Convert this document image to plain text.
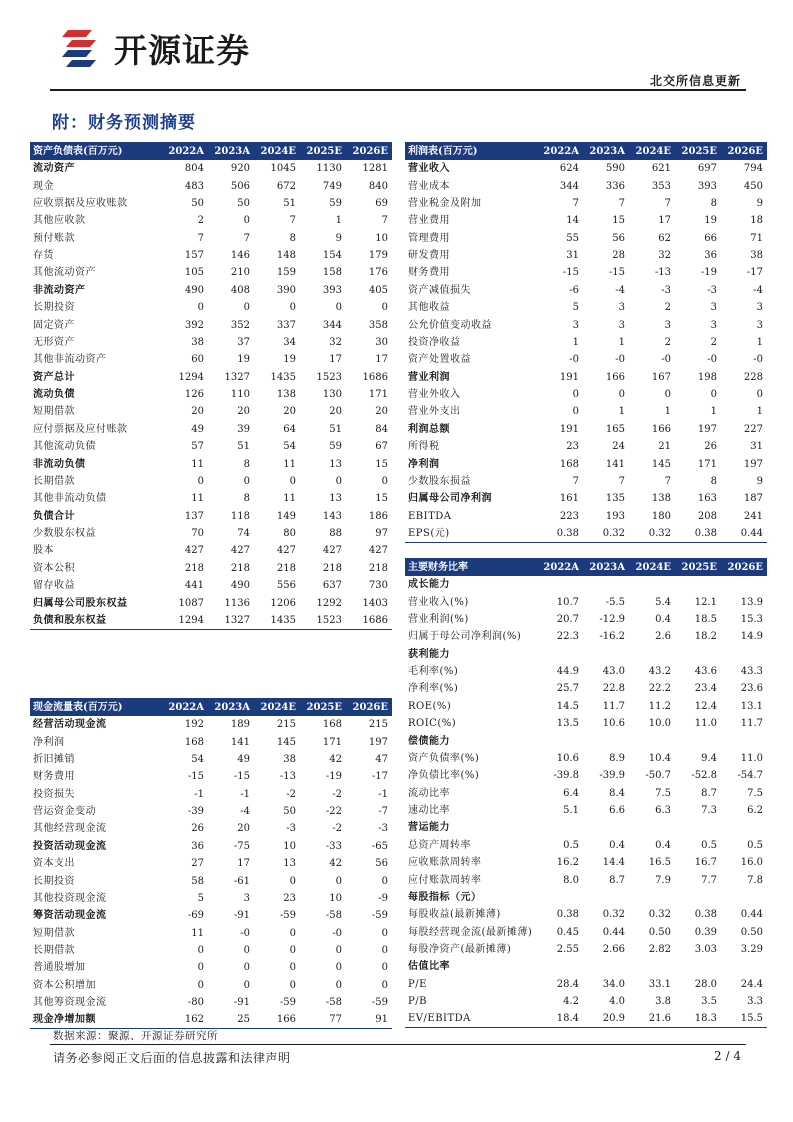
开源证券
北交所信息更新
附：财务预测摘要
资产负债表(百万元)	2022A	2023A	2024E	2025E	2026E
流动资产	804	920	1045	1130	1281
现金	483	506	672	749	840
应收票据及应收账款	50	50	51	59	69
其他应收款	2	0	7	1	7
预付账款	7	7	8	9	10
存货	157	146	148	154	179
其他流动资产	105	210	159	158	176
非流动资产	490	408	390	393	405
长期投资	0	0	0	0	0
固定资产	392	352	337	344	358
无形资产	38	37	34	32	30
其他非流动资产	60	19	19	17	17
资产总计	1294	1327	1435	1523	1686
流动负债	126	110	138	130	171
短期借款	20	20	20	20	20
应付票据及应付账款	49	39	64	51	84
其他流动负债	57	51	54	59	67
非流动负债	11	8	11	13	15
长期借款	0	0	0	0	0
其他非流动负债	11	8	11	13	15
负债合计	137	118	149	143	186
少数股东权益	70	74	80	88	97
股本	427	427	427	427	427
资本公积	218	218	218	218	218
留存收益	441	490	556	637	730
归属母公司股东权益	1087	1136	1206	1292	1403
负债和股东权益	1294	1327	1435	1523	1686
利润表(百万元)	2022A	2023A	2024E	2025E	2026E
营业收入	624	590	621	697	794
营业成本	344	336	353	393	450
营业税金及附加	7	7	7	8	9
营业费用	14	15	17	19	18
管理费用	55	56	62	66	71
研发费用	31	28	32	36	38
财务费用	-15	-15	-13	-19	-17
资产减值损失	-6	-4	-3	-3	-4
其他收益	5	3	2	3	3
公允价值变动收益	3	3	3	3	3
投资净收益	1	1	2	2	1
资产处置收益	-0	-0	-0	-0	-0
营业利润	191	166	167	198	228
营业外收入	0	0	0	0	0
营业外支出	0	1	1	1	1
利润总额	191	165	166	197	227
所得税	23	24	21	26	31
净利润	168	141	145	171	197
少数股东损益	7	7	7	8	9
归属母公司净利润	161	135	138	163	187
EBITDA	223	193	180	208	241
EPS(元)	0.38	0.32	0.32	0.38	0.44
现金流量表(百万元)	2022A	2023A	2024E	2025E	2026E
经营活动现金流	192	189	215	168	215
净利润	168	141	145	171	197
折旧摊销	54	49	38	42	47
财务费用	-15	-15	-13	-19	-17
投资损失	-1	-1	-2	-2	-1
营运资金变动	-39	-4	50	-22	-7
其他经营现金流	26	20	-3	-2	-3
投资活动现金流	36	-75	10	-33	-65
资本支出	27	17	13	42	56
长期投资	58	-61	0	0	0
其他投资现金流	5	3	23	10	-9
筹资活动现金流	-69	-91	-59	-58	-59
短期借款	11	-0	0	-0	0
长期借款	0	0	0	0	0
普通股增加	0	0	0	0	0
资本公积增加	0	0	0	0	0
其他筹资现金流	-80	-91	-59	-58	-59
现金净增加额	162	25	166	77	91
主要财务比率	2022A	2023A	2024E	2025E	2026E
成长能力					
营业收入(%)	10.7	-5.5	5.4	12.1	13.9
营业利润(%)	20.7	-12.9	0.4	18.5	15.3
归属于母公司净利润(%)	22.3	-16.2	2.6	18.2	14.9
获利能力					
毛利率(%)	44.9	43.0	43.2	43.6	43.3
净利率(%)	25.7	22.8	22.2	23.4	23.6
ROE(%)	14.5	11.7	11.2	12.4	13.1
ROIC(%)	13.5	10.6	10.0	11.0	11.7
偿债能力					
资产负债率(%)	10.6	8.9	10.4	9.4	11.0
净负债比率(%)	-39.8	-39.9	-50.7	-52.8	-54.7
流动比率	6.4	8.4	7.5	8.7	7.5
速动比率	5.1	6.6	6.3	7.3	6.2
营运能力					
总资产周转率	0.5	0.4	0.4	0.5	0.5
应收账款周转率	16.2	14.4	16.5	16.7	16.0
应付账款周转率	8.0	8.7	7.9	7.7	7.8
每股指标（元）					
每股收益(最新摊薄)	0.38	0.32	0.32	0.38	0.44
每股经营现金流(最新摊薄)	0.45	0.44	0.50	0.39	0.50
每股净资产(最新摊薄)	2.55	2.66	2.82	3.03	3.29
估值比率					
P/E	28.4	34.0	33.1	28.0	24.4
P/B	4.2	4.0	3.8	3.5	3.3
EV/EBITDA	18.4	20.9	21.6	18.3	15.5
数据来源：聚源、开源证券研究所
请务必参阅正文后面的信息披露和法律声明	2 / 4
